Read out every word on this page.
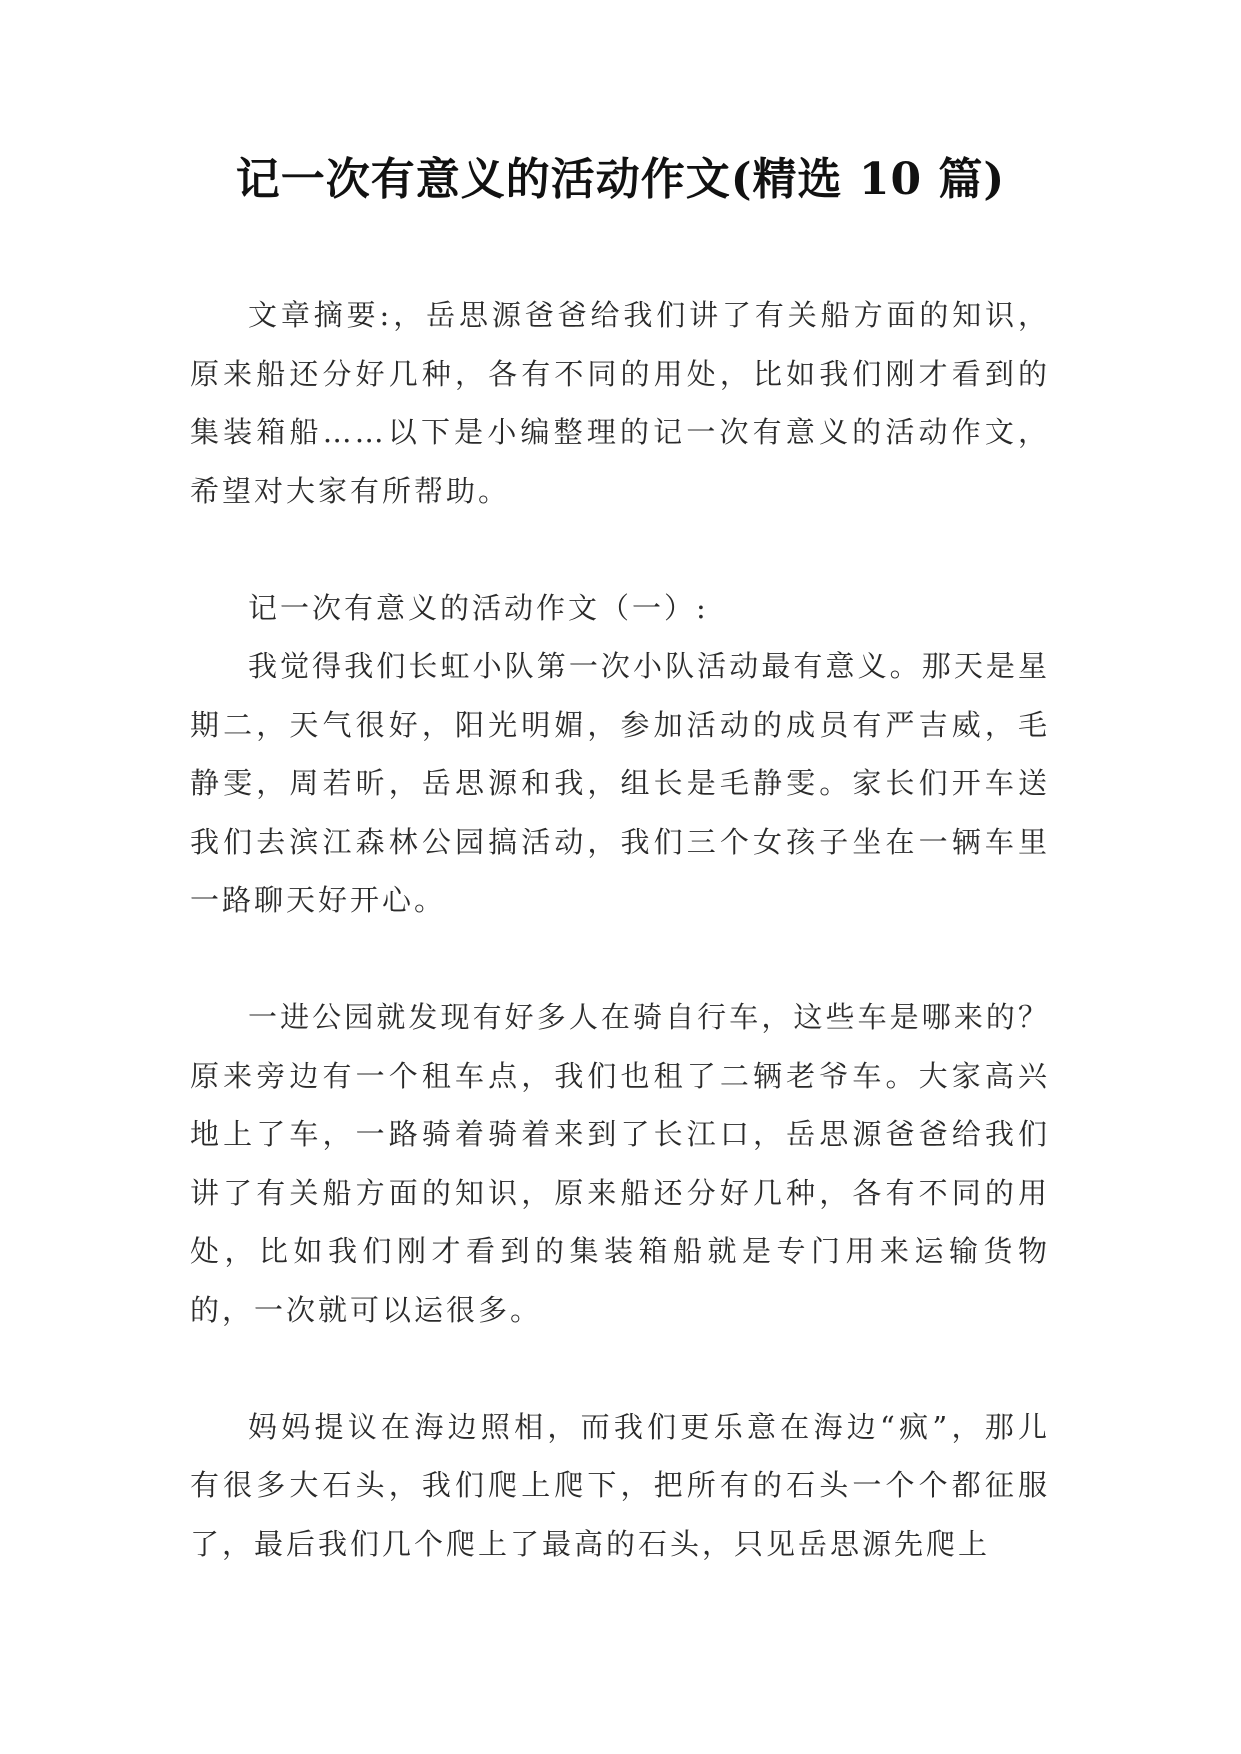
记一次有意义的活动作文(精选 10 篇)

文章摘要:，岳思源爸爸给我们讲了有关船方面的知识，原来船还分好几种，各有不同的用处，比如我们刚才看到的集装箱船……以下是小编整理的记一次有意义的活动作文，希望对大家有所帮助。

记一次有意义的活动作文（一）:

我觉得我们长虹小队第一次小队活动最有意义。那天是星期二，天气很好，阳光明媚，参加活动的成员有严吉威，毛静雯，周若昕，岳思源和我，组长是毛静雯。家长们开车送我们去滨江森林公园搞活动，我们三个女孩子坐在一辆车里一路聊天好开心。

一进公园就发现有好多人在骑自行车，这些车是哪来的？原来旁边有一个租车点，我们也租了二辆老爷车。大家高兴地上了车，一路骑着骑着来到了长江口，岳思源爸爸给我们讲了有关船方面的知识，原来船还分好几种，各有不同的用处，比如我们刚才看到的集装箱船就是专门用来运输货物的，一次就可以运很多。

妈妈提议在海边照相，而我们更乐意在海边“疯”，那儿有很多大石头，我们爬上爬下，把所有的石头一个个都征服了，最后我们几个爬上了最高的石头，只见岳思源先爬上
